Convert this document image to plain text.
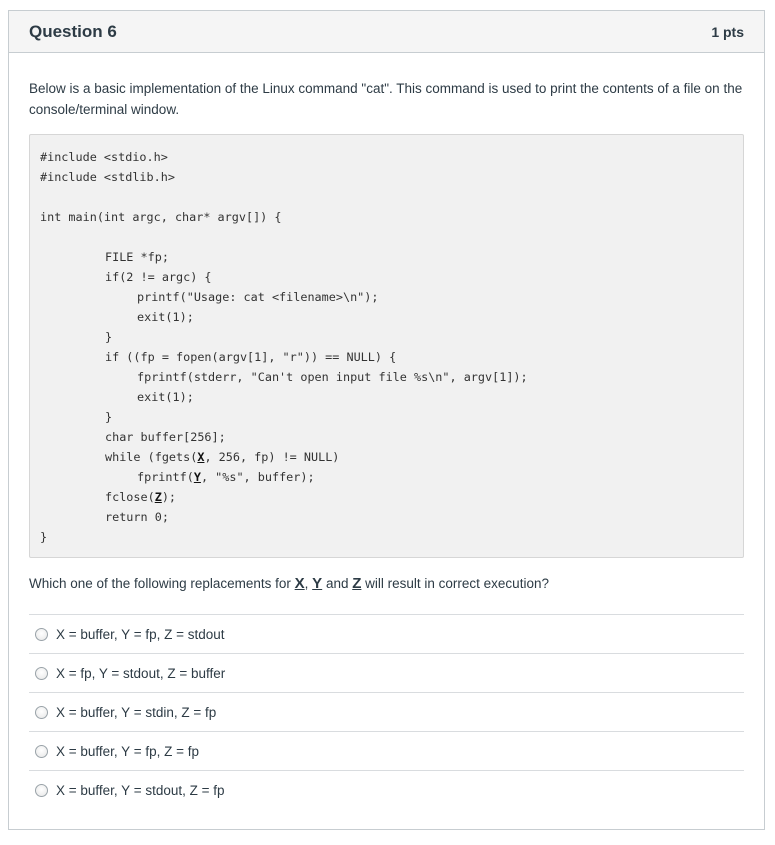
Question 6	1 pts

Below is a basic implementation of the Linux command "cat". This command is used to print the contents of a file on the console/terminal window.

#include <stdio.h>
#include <stdlib.h>
int main(int argc, char* argv[]) {
FILE *fp;
if(2 != argc) {
printf("Usage: cat <filename>\n");
exit(1);
}
if ((fp = fopen(argv[1], "r")) == NULL) {
fprintf(stderr, "Can't open input file %s\n", argv[1]);
exit(1);
}
char buffer[256];
while (fgets(X, 256, fp) != NULL)
fprintf(Y, "%s", buffer);
fclose(Z);
return 0;
}

Which one of the following replacements for X, Y and Z will result in correct execution?

X = buffer, Y = fp, Z = stdout
X = fp, Y = stdout, Z = buffer
X = buffer, Y = stdin, Z = fp
X = buffer, Y = fp, Z = fp
X = buffer, Y = stdout, Z = fp
